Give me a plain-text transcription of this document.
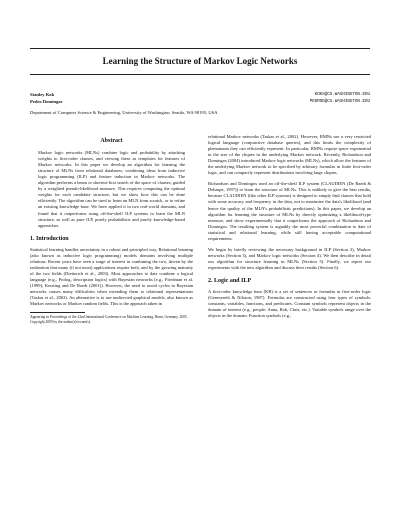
Learning the Structure of Markov Logic Networks
Stanley Kok	KOKS@CS.WASHINGTON.EDU
Pedro Domingos	PEDROD@CS.WASHINGTON.EDU
Department of Computer Science & Engineering, University of Washington, Seattle, WA 98195, USA
Abstract

Markov logic networks (MLNs) combine logic and probability by attaching weights to first-order clauses, and viewing these as templates for features of Markov networks. In this paper we develop an algorithm for learning the structure of MLNs from relational databases, combining ideas from inductive logic programming (ILP) and feature induction in Markov networks. The algorithm performs a beam or shortest-first search of the space of clauses, guided by a weighted pseudo-likelihood measure. This requires computing the optimal weights for each candidate structure, but we show how this can be done efficiently. The algorithm can be used to learn an MLN from scratch, or to refine an existing knowledge base. We have applied it in two real-world domains, and found that it outperforms using off-the-shelf ILP systems to learn the MLN structure, as well as pure ILP, purely probabilistic and purely knowledge-based approaches.

1. Introduction

Statistical learning handles uncertainty in a robust and principled way. Relational learning (also known as inductive logic programming) models domains involving multiple relations. Recent years have seen a surge of interest in combining the two, driven by the realization that many (if not most) applications require both, and by the growing maturity of the two fields (Dietterich et al., 2003). Most approaches to date combine a logical language (e.g., Prolog, description logics) with Bayesian networks (e.g., Friedman et al. (1999); Kersting and De Raedt (2001)). However, the need to avoid cycles in Bayesian networks causes many difficulties when extending them to relational representations (Taskar et al., 2002). An alternative is to use undirected graphical models, also known as Markov networks or Markov random fields. This is the approach taken in

Appearing in Proceedings of the 22nd International Conference on Machine Learning, Bonn, Germany, 2005. Copyright 2005 by the author(s)/owner(s).

relational Markov networks (Taskar et al., 2002). However, RMNs use a very restricted logical language (conjunctive database queries), and this limits the complexity of phenomena they can efficiently represent. In particular, RMNs require space exponential in the size of the cliques in the underlying Markov network. Recently, Richardson and Domingos (2004) introduced Markov logic networks (MLNs), which allow the features of the underlying Markov network to be specified by arbitrary formulas in finite first-order logic, and can compactly represent distributions involving large cliques.

Richardson and Domingos used an off-the-shelf ILP system (CLAUDIEN (De Raedt & Dehaspe, 1997)) to learn the structure of MLNs. This is unlikely to give the best results, because CLAUDIEN (like other ILP systems) is designed to simply find clauses that hold with some accuracy and frequency in the data, not to maximize the data's likelihood (and hence the quality of the MLN's probabilistic predictions). In this paper, we develop an algorithm for learning the structure of MLNs by directly optimizing a likelihood-type measure, and show experimentally that it outperforms the approach of Richardson and Domingos. The resulting system is arguably the most powerful combination to date of statistical and relational learning, while still having acceptable computational requirements.

We begin by briefly reviewing the necessary background in ILP (Section 2), Markov networks (Section 3), and Markov logic networks (Section 4). We then describe in detail our algorithm for structure learning in MLNs (Section 5). Finally, we report our experiments with the new algorithm and discuss their results (Section 6).

2. Logic and ILP

A first-order knowledge base (KB) is a set of sentences or formulas in first-order logic (Genesereth & Nilsson, 1987). Formulas are constructed using four types of symbols: constants, variables, functions, and predicates. Constant symbols represent objects in the domain of interest (e.g., people: Anna, Bob, Chris, etc.). Variable symbols range over the objects in the domain. Function symbols (e.g.,
